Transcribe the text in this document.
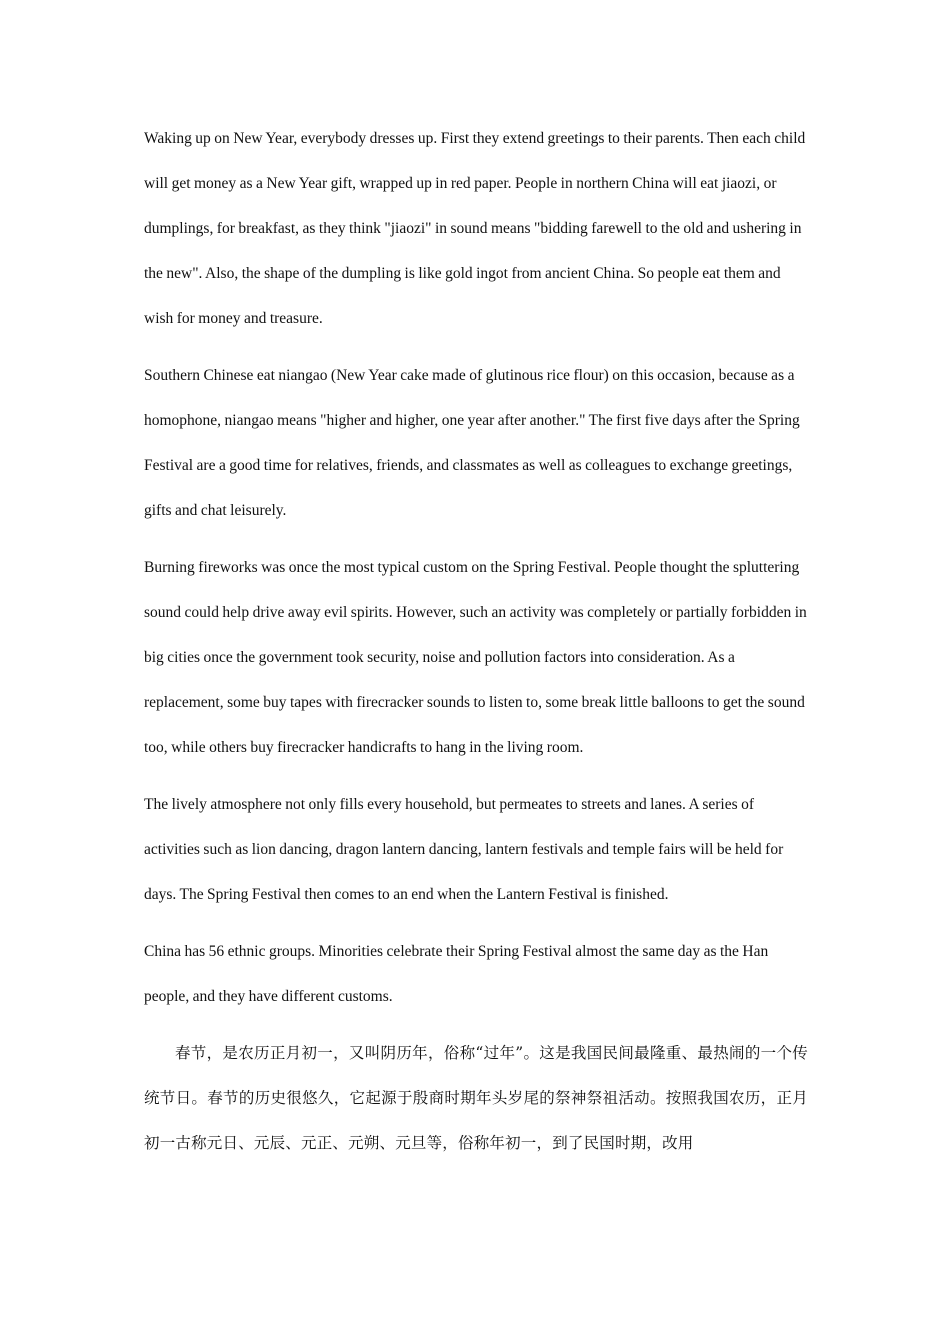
Waking up on New Year, everybody dresses up. First they extend greetings to their parents. Then each child will get money as a New Year gift, wrapped up in red paper. People in northern China will eat jiaozi, or dumplings, for breakfast, as they think "jiaozi" in sound means "bidding farewell to the old and ushering in the new". Also, the shape of the dumpling is like gold ingot from ancient China. So people eat them and wish for money and treasure.

Southern Chinese eat niangao (New Year cake made of glutinous rice flour) on this occasion, because as a homophone, niangao means "higher and higher, one year after another." The first five days after the Spring Festival are a good time for relatives, friends, and classmates as well as colleagues to exchange greetings, gifts and chat leisurely.

Burning fireworks was once the most typical custom on the Spring Festival. People thought the spluttering sound could help drive away evil spirits. However, such an activity was completely or partially forbidden in big cities once the government took security, noise and pollution factors into consideration. As a replacement, some buy tapes with firecracker sounds to listen to, some break little balloons to get the sound too, while others buy firecracker handicrafts to hang in the living room.

The lively atmosphere not only fills every household, but permeates to streets and lanes. A series of activities such as lion dancing, dragon lantern dancing, lantern festivals and temple fairs will be held for days. The Spring Festival then comes to an end when the Lantern Festival is finished.

China has 56 ethnic groups. Minorities celebrate their Spring Festival almost the same day as the Han people, and they have different customs.

春节，是农历正月初一，又叫阴历年，俗称“过年”。这是我国民间最隆重、最热闹的一个传统节日。春节的历史很悠久，它起源于殷商时期年头岁尾的祭神祭祖活动。按照我国农历，正月初一古称元日、元辰、元正、元朔、元旦等，俗称年初一，到了民国时期，改用
